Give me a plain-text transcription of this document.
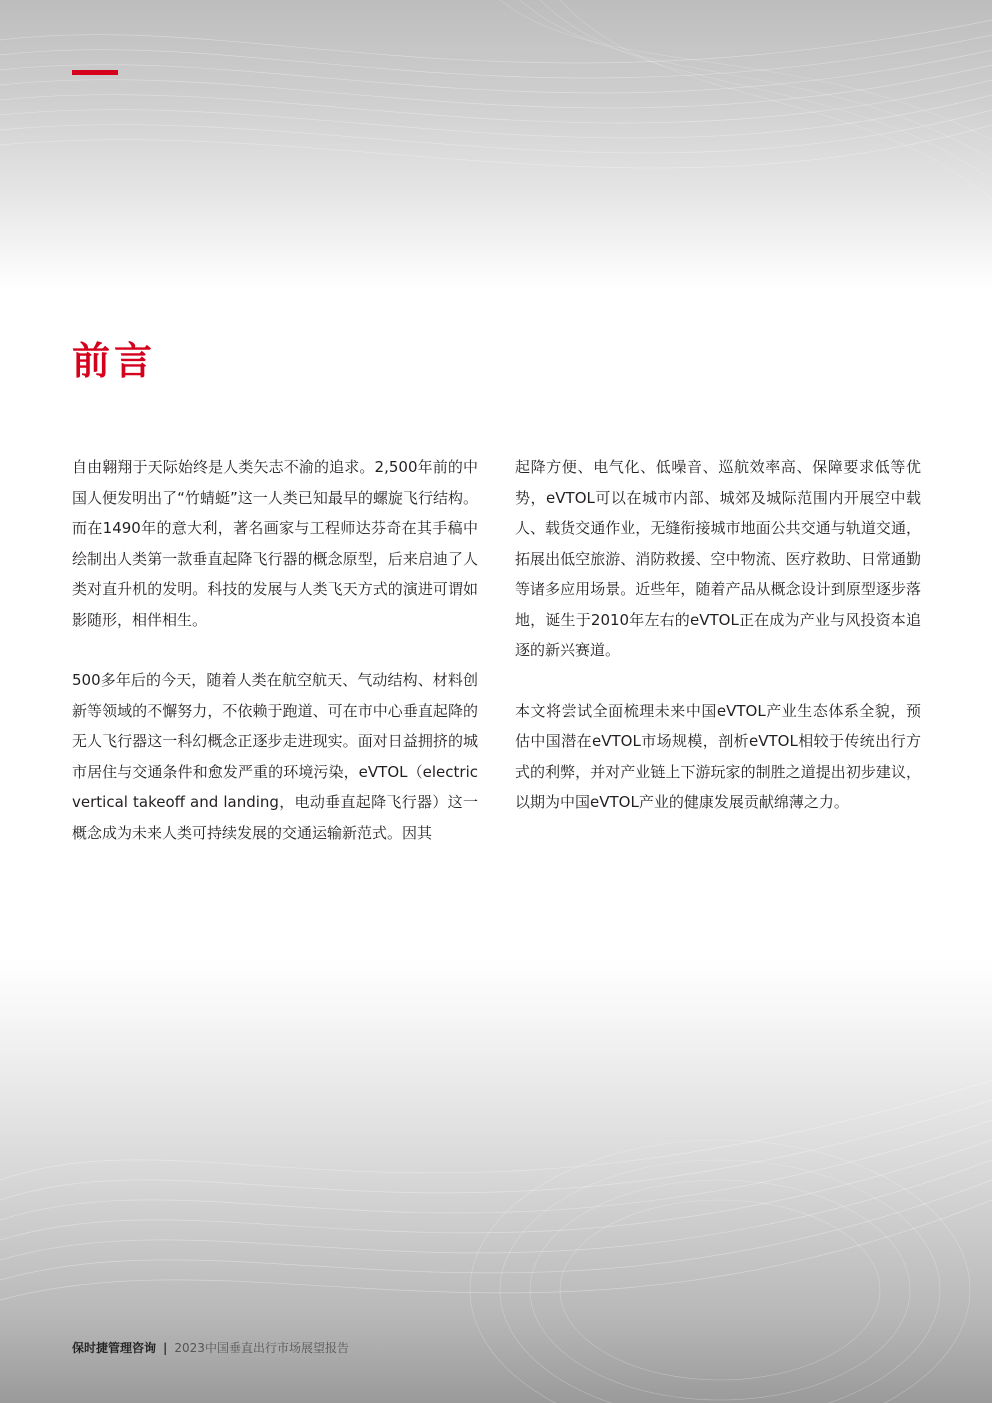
前言

自由翱翔于天际始终是人类矢志不渝的追求。2,500年前的中国人便发明出了“竹蜻蜓”这一人类已知最早的螺旋飞行结构。而在1490年的意大利，著名画家与工程师达芬奇在其手稿中绘制出人类第一款垂直起降飞行器的概念原型，后来启迪了人类对直升机的发明。科技的发展与人类飞天方式的演进可谓如影随形，相伴相生。

500多年后的今天，随着人类在航空航天、气动结构、材料创新等领域的不懈努力，不依赖于跑道、可在市中心垂直起降的无人飞行器这一科幻概念正逐步走进现实。面对日益拥挤的城市居住与交通条件和愈发严重的环境污染，eVTOL（electric vertical takeoff and landing，电动垂直起降飞行器）这一概念成为未来人类可持续发展的交通运输新范式。因其

起降方便、电气化、低噪音、巡航效率高、保障要求低等优势，eVTOL可以在城市内部、城郊及城际范围内开展空中载人、载货交通作业，无缝衔接城市地面公共交通与轨道交通，拓展出低空旅游、消防救援、空中物流、医疗救助、日常通勤等诸多应用场景。近些年，随着产品从概念设计到原型逐步落地，诞生于2010年左右的eVTOL正在成为产业与风投资本追逐的新兴赛道。

本文将尝试全面梳理未来中国eVTOL产业生态体系全貌，预估中国潜在eVTOL市场规模，剖析eVTOL相较于传统出行方式的利弊，并对产业链上下游玩家的制胜之道提出初步建议，以期为中国eVTOL产业的健康发展贡献绵薄之力。

保时捷管理咨询 | 2023中国垂直出行市场展望报告
